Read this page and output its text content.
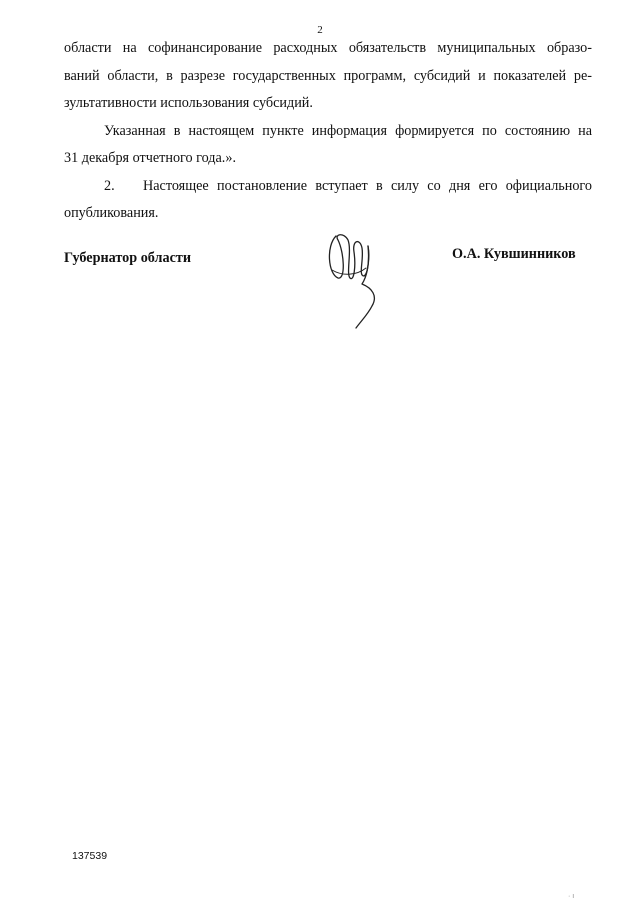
2
области на софинансирование расходных обязательств муниципальных образо-
ваний области, в разрезе государственных программ, субсидий и показателей ре-
зультативности использования субсидий.
Указанная в настоящем пункте информация формируется по состоянию на
31 декабря отчетного года.».
2. Настоящее постановление вступает в силу со дня его официального
опубликования.
Губернатор области	О.А. Кувшинников
137539
· ı
